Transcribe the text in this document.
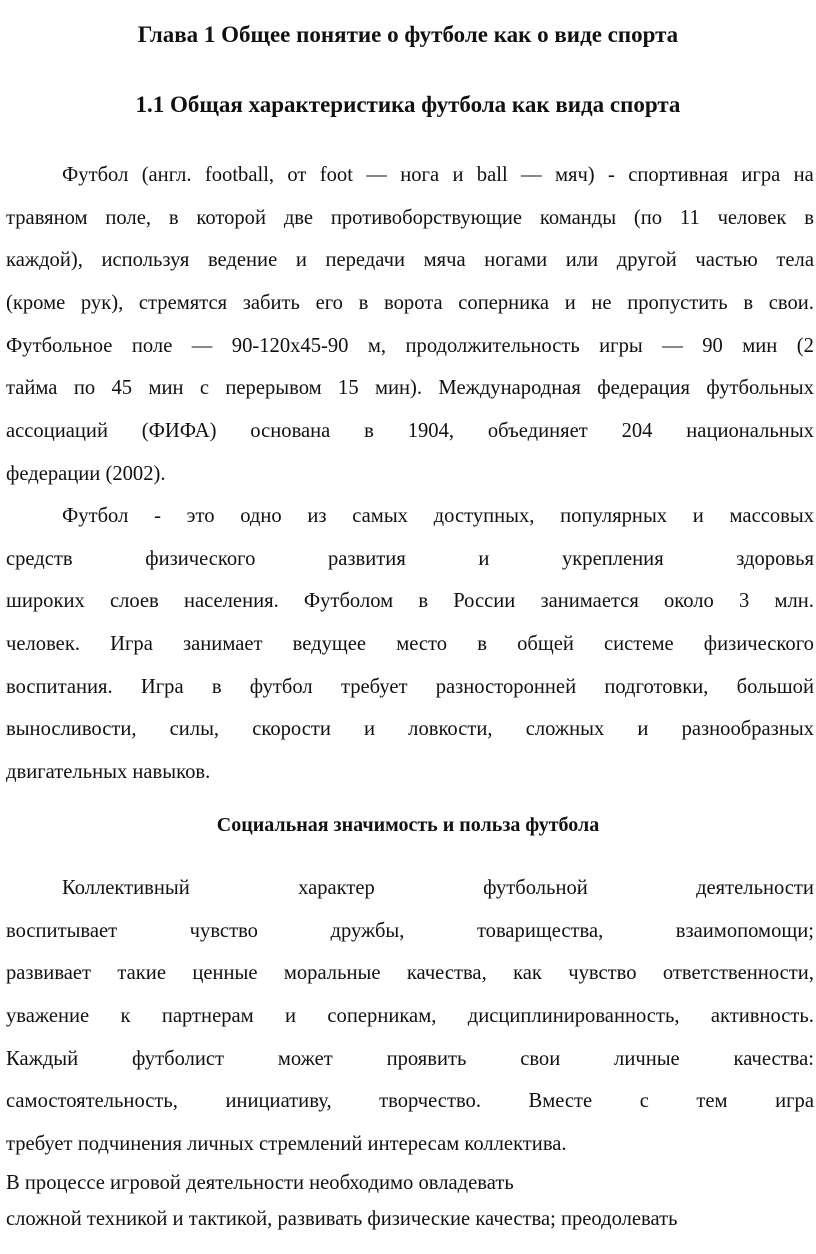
Глава 1 Общее понятие о футболе как о виде спорта
1.1 Общая характеристика футбола как вида спорта
Футбол (англ. football, от foot — нога и ball — мяч) - спортивная игра на
травяном поле, в которой две противоборствующие команды (по 11 человек в
каждой), используя ведение и передачи мяча ногами или другой частью тела
(кроме рук), стремятся забить его в ворота соперника и не пропустить в свои.
Футбольное поле — 90-120х45-90 м, продолжительность игры — 90 мин (2
тайма по 45 мин с перерывом 15 мин). Международная федерация футбольных
ассоциаций (ФИФА) основана в 1904, объединяет 204 национальных
федерации (2002).
Футбол - это одно из самых доступных, популярных и массовых
средств	физического	развития	и	укрепления	здоровья
широких слоев населения. Футболом в России занимается около 3 млн.
человек. Игра занимает ведущее место в общей системе физического
воспитания. Игра в футбол требует разносторонней подготовки, большой
выносливости, силы, скорости и ловкости, сложных и разнообразных
двигательных навыков.
Социальная значимость и польза футбола
Коллективный	характер	футбольной	деятельности
воспитывает	чувство	дружбы,	товарищества,	взаимопомощи;
развивает такие ценные моральные качества, как чувство ответственности,
уважение к партнерам и соперникам, дисциплинированность, активность.
Каждый	футболист	может	проявить	свои	личные	качества:
самостоятельность, инициативу, творчество. Вместе с тем игра
требует подчинения личных стремлений интересам коллектива.
В процессе игровой деятельности необходимо овладевать
сложной техникой и тактикой, развивать физические качества; преодолевать
